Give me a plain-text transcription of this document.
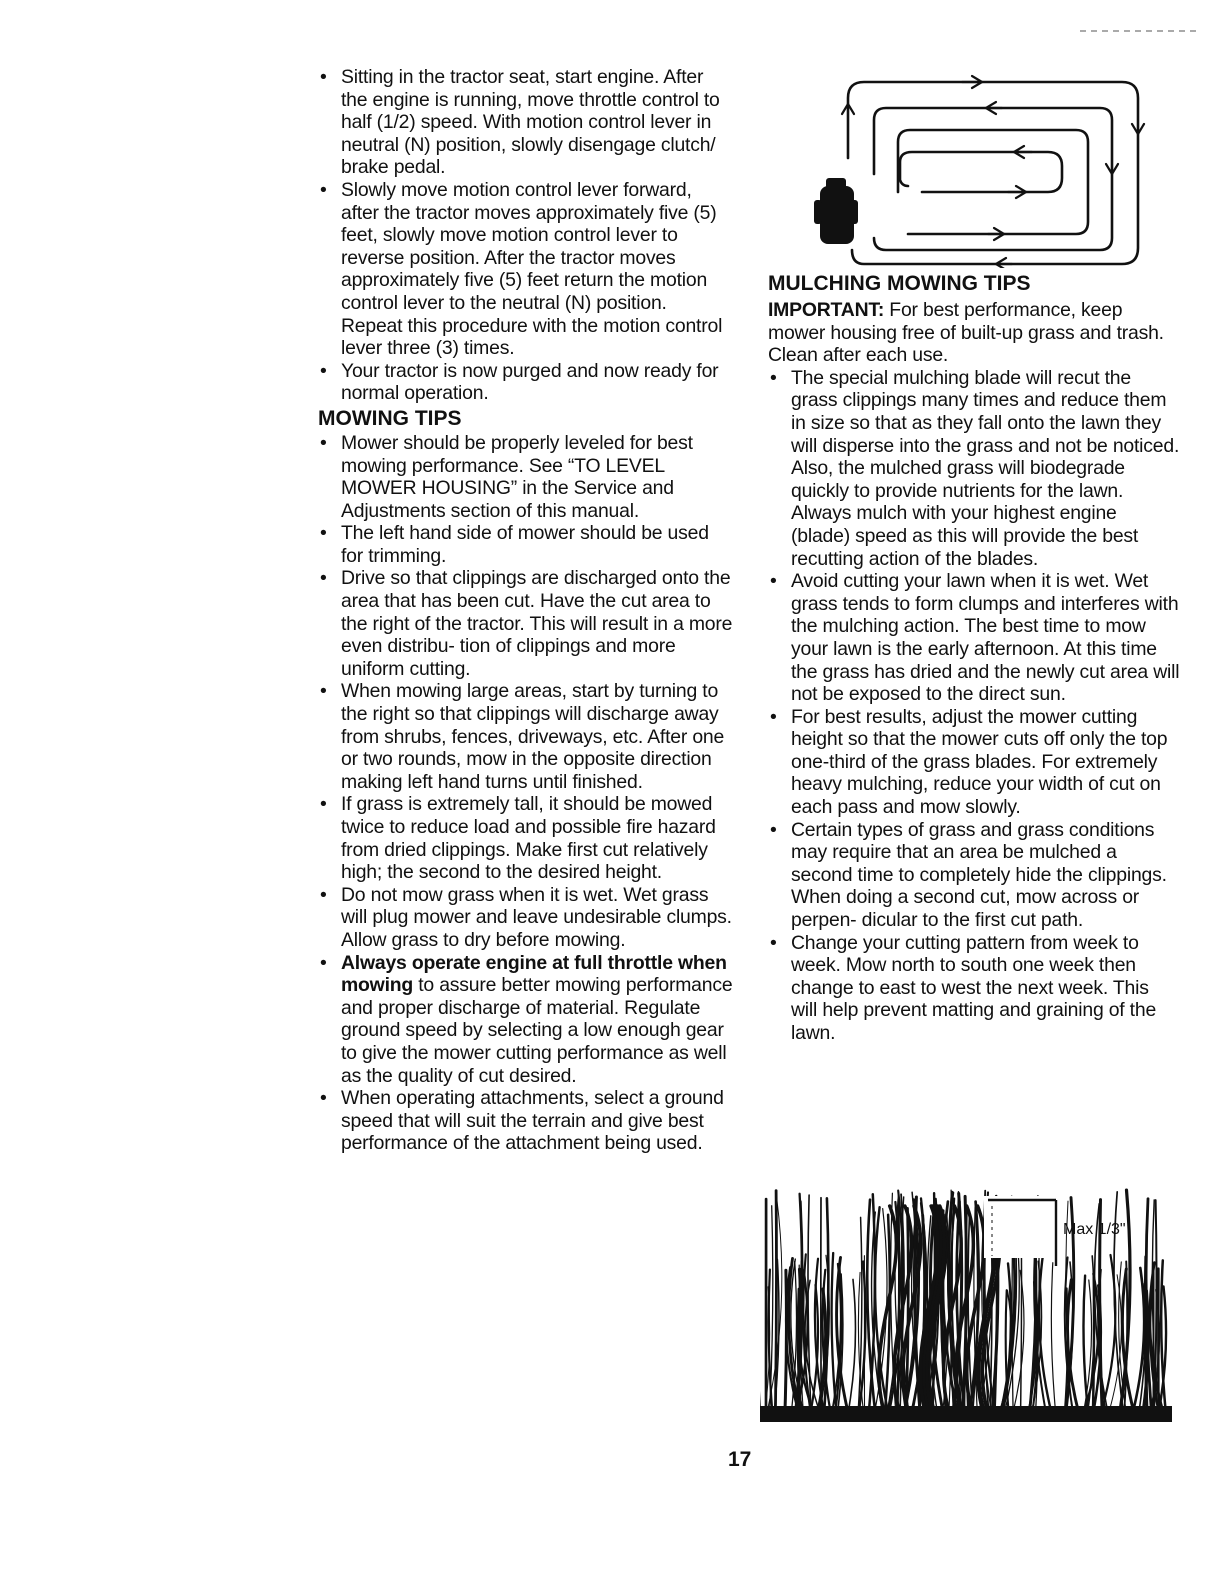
• Sitting in the tractor seat, start engine. After the engine is running, move throttle control to half (1/2) speed. With motion control lever in neutral (N) position, slowly disengage clutch/ brake pedal.
• Slowly move motion control lever forward, after the tractor moves approximately five (5) feet, slowly move motion control lever to reverse position. After the tractor moves approximately five (5) feet return the motion control lever to the neutral (N) position. Repeat this procedure with the motion control lever three (3) times.
• Your tractor is now purged and now ready for normal operation.
MOWING TIPS
• Mower should be properly leveled for best mowing performance. See “TO LEVEL MOWER HOUSING” in the Service and Adjustments section of this manual.
• The left hand side of mower should be used for trimming.
• Drive so that clippings are discharged onto the area that has been cut. Have the cut area to the right of the tractor. This will result in a more even distribu- tion of clippings and more uniform cutting.
• When mowing large areas, start by turning to the right so that clippings will discharge away from shrubs, fences, driveways, etc. After one or two rounds, mow in the opposite direction making left hand turns until finished.
• If grass is extremely tall, it should be mowed twice to reduce load and possible fire hazard from dried clippings. Make first cut relatively high; the second to the desired height.
• Do not mow grass when it is wet. Wet grass will plug mower and leave undesirable clumps. Allow grass to dry before mowing.
• Always operate engine at full throttle when mowing to assure better mowing performance and proper discharge of material. Regulate ground speed by selecting a low enough gear to give the mower cutting performance as well as the quality of cut desired.
• When operating attachments, select a ground speed that will suit the terrain and give best performance of the attachment being used.
MULCHING MOWING TIPS

IMPORTANT: For best performance, keep mower housing free of built-up grass and trash. Clean after each use.

• The special mulching blade will recut the grass clippings many times and reduce them in size so that as they fall onto the lawn they will disperse into the grass and not be noticed. Also, the mulched grass will biodegrade quickly to provide nutrients for the lawn. Always mulch with your highest engine (blade) speed as this will provide the best recutting action of the blades.
• Avoid cutting your lawn when it is wet. Wet grass tends to form clumps and interferes with the mulching action. The best time to mow your lawn is the early afternoon. At this time the grass has dried and the newly cut area will not be exposed to the direct sun.
• For best results, adjust the mower cutting height so that the mower cuts off only the top one-third of the grass blades. For extremely heavy mulching, reduce your width of cut on each pass and mow slowly.
• Certain types of grass and grass conditions may require that an area be mulched a second time to completely hide the clippings. When doing a second cut, mow across or perpen- dicular to the first cut path.
• Change your cutting pattern from week to week. Mow north to south one week then change to east to west the next week. This will help prevent matting and graining of the lawn.
Max 1/3"
17
